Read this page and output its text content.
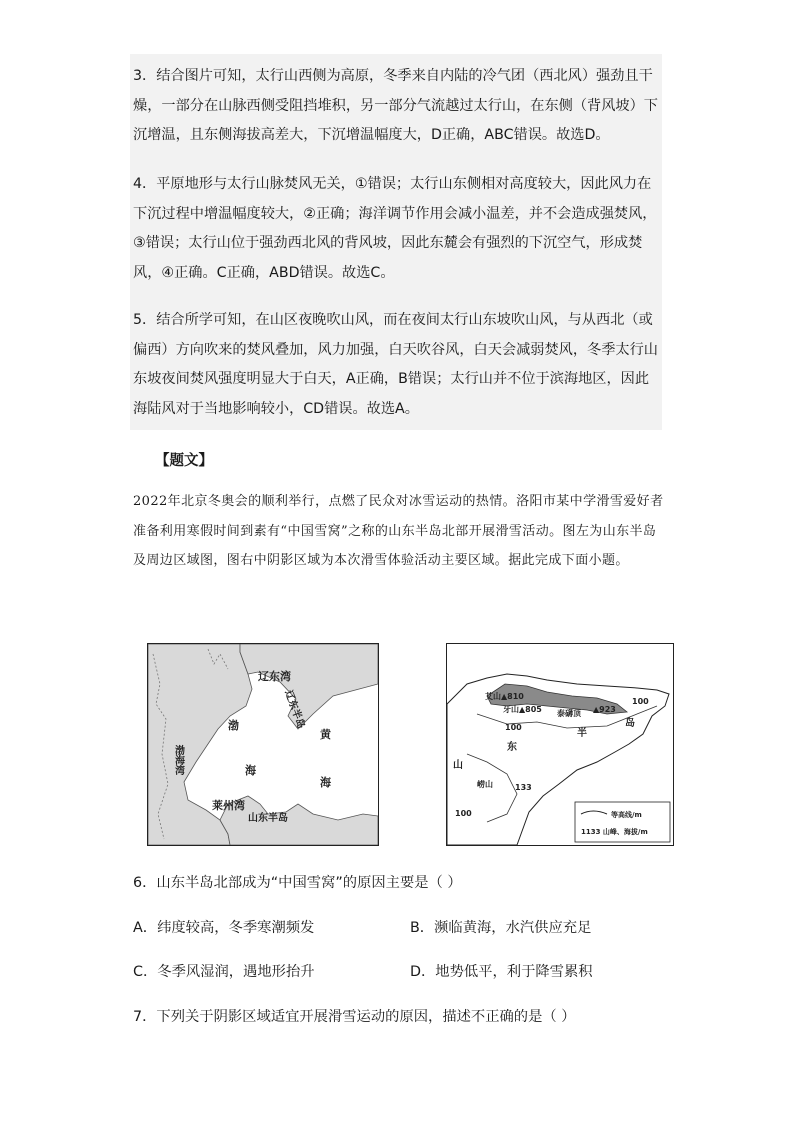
3．结合图片可知，太行山西侧为高原，冬季来自内陆的冷气团（西北风）强劲且干燥，一部分在山脉西侧受阻挡堆积，另一部分气流越过太行山，在东侧（背风坡）下沉增温，且东侧海拔高差大，下沉增温幅度大，D正确，ABC错误。故选D。
4．平原地形与太行山脉焚风无关，①错误；太行山东侧相对高度较大，因此风力在下沉过程中增温幅度较大，②正确；海洋调节作用会减小温差，并不会造成强焚风，③错误；太行山位于强劲西北风的背风坡，因此东麓会有强烈的下沉空气，形成焚风，④正确。C正确，ABD错误。故选C。
5．结合所学可知，在山区夜晚吹山风，而在夜间太行山东坡吹山风，与从西北（或偏西）方向吹来的焚风叠加，风力加强，白天吹谷风，白天会减弱焚风，冬季太行山东坡夜间焚风强度明显大于白天，A正确，B错误；太行山并不位于滨海地区，因此海陆风对于当地影响较小，CD错误。故选A。
【题文】
2022年北京冬奥会的顺利举行，点燃了民众对冰雪运动的热情。洛阳市某中学滑雪爱好者准备利用寒假时间到素有“中国雪窝”之称的山东半岛北部开展滑雪活动。图左为山东半岛及周边区域图，图右中阴影区域为本次滑雪体验活动主要区域。据此完成下面小题。
辽东湾
辽东半岛
渤
海
渤海湾
黄
海
莱州湾
山东半岛
艾山▲810
牙山▲805 泰礴顶 ▲923
100
100
100
东
半
岛
山
崂山	133
等高线/m
1133 山峰、海拔/m
6．山东半岛北部成为“中国雪窝”的原因主要是（ ）
A．纬度较高，冬季寒潮频发	B．濒临黄海，水汽供应充足
C．冬季风湿润，遇地形抬升	D．地势低平，利于降雪累积
7．下列关于阴影区域适宜开展滑雪运动的原因，描述不正确的是（ ）
